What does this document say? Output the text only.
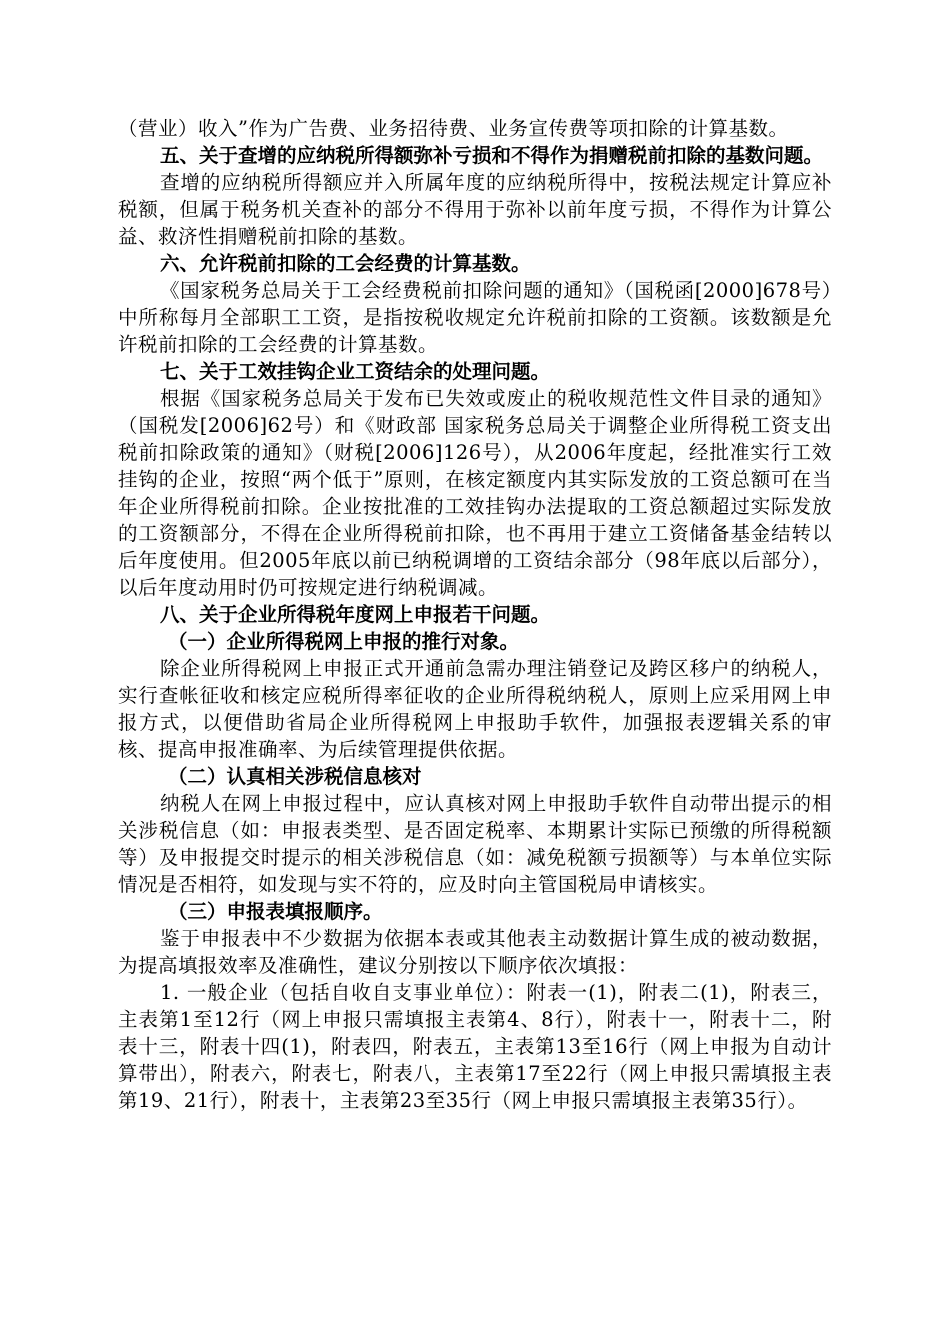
（营业）收入”作为广告费、业务招待费、业务宣传费等项扣除的计算基数。

五、关于查增的应纳税所得额弥补亏损和不得作为捐赠税前扣除的基数问题。

查增的应纳税所得额应并入所属年度的应纳税所得中，按税法规定计算应补税额，但属于税务机关查补的部分不得用于弥补以前年度亏损，不得作为计算公益、救济性捐赠税前扣除的基数。

六、允许税前扣除的工会经费的计算基数。

《国家税务总局关于工会经费税前扣除问题的通知》（国税函[2000]678号）中所称每月全部职工工资，是指按税收规定允许税前扣除的工资额。该数额是允许税前扣除的工会经费的计算基数。

七、关于工效挂钩企业工资结余的处理问题。

根据《国家税务总局关于发布已失效或废止的税收规范性文件目录的通知》（国税发[2006]62号）和《财政部 国家税务总局关于调整企业所得税工资支出税前扣除政策的通知》（财税[2006]126号），从2006年度起，经批准实行工效挂钩的企业，按照“两个低于”原则，在核定额度内其实际发放的工资总额可在当年企业所得税前扣除。企业按批准的工效挂钩办法提取的工资总额超过实际发放的工资额部分，不得在企业所得税前扣除，也不再用于建立工资储备基金结转以后年度使用。但2005年底以前已纳税调增的工资结余部分（98年底以后部分），以后年度动用时仍可按规定进行纳税调减。

八、关于企业所得税年度网上申报若干问题。

（一）企业所得税网上申报的推行对象。

除企业所得税网上申报正式开通前急需办理注销登记及跨区移户的纳税人，实行查帐征收和核定应税所得率征收的企业所得税纳税人，原则上应采用网上申报方式，以便借助省局企业所得税网上申报助手软件，加强报表逻辑关系的审核、提高申报准确率、为后续管理提供依据。

（二）认真相关涉税信息核对

纳税人在网上申报过程中，应认真核对网上申报助手软件自动带出提示的相关涉税信息（如：申报表类型、是否固定税率、本期累计实际已预缴的所得税额等）及申报提交时提示的相关涉税信息（如：减免税额亏损额等）与本单位实际情况是否相符，如发现与实不符的，应及时向主管国税局申请核实。

（三）申报表填报顺序。

鉴于申报表中不少数据为依据本表或其他表主动数据计算生成的被动数据，为提高填报效率及准确性，建议分别按以下顺序依次填报：

1. 一般企业（包括自收自支事业单位）：附表一(1)，附表二(1)，附表三，主表第1至12行（网上申报只需填报主表第4、8行），附表十一，附表十二，附表十三，附表十四(1)，附表四，附表五，主表第13至16行（网上申报为自动计算带出），附表六，附表七，附表八，主表第17至22行（网上申报只需填报主表第19、21行），附表十，主表第23至35行（网上申报只需填报主表第35行）。
